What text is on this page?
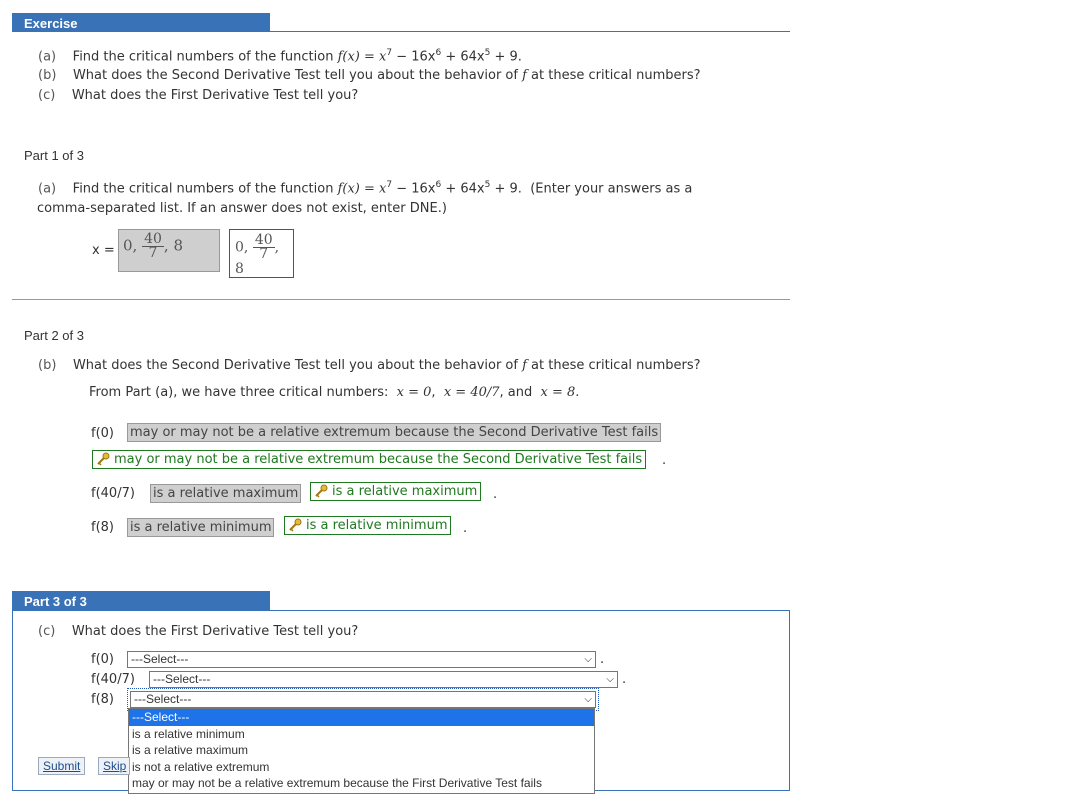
Exercise
(a) Find the critical numbers of the function $f(x) = x^7 - 16x^6 + 64x^5 + 9$.
(b) What does the Second Derivative Test tell you about the behavior of f at these critical numbers?
(c) What does the First Derivative Test tell you?
Part 1 of 3
(a) Find the critical numbers of the function $f(x) = x^7 - 16x^6 + 64x^5 + 9$. (Enter your answers as a
comma-separated list. If an answer does not exist, enter DNE.)
x = 0, $\frac{40}{7}$ , 8	0, $\frac{40}{7}$ , 8
Part 2 of 3
(b) What does the Second Derivative Test tell you about the behavior of f at these critical numbers?
From Part (a), we have three critical numbers: x = 0,  x = 40/7, and x = 8.
f(0) may or may not be a relative extremum because the Second Derivative Test fails
may or may not be a relative extremum because the Second Derivative Test fails	.
f(40/7) is a relative maximum	is a relative maximum	.
f(8) is a relative minimum	is a relative minimum	.
Part 3 of 3
(c) What does the First Derivative Test tell you?
f(0)	---Select---	⌵ .
f(40/7)	---Select---	⌵ .
f(8)	---Select---	⌵
---Select---
is a relative minimum
is a relative maximum
is not a relative extremum
may or may not be a relative extremum because the First Derivative Test fails
Submit	Skip
